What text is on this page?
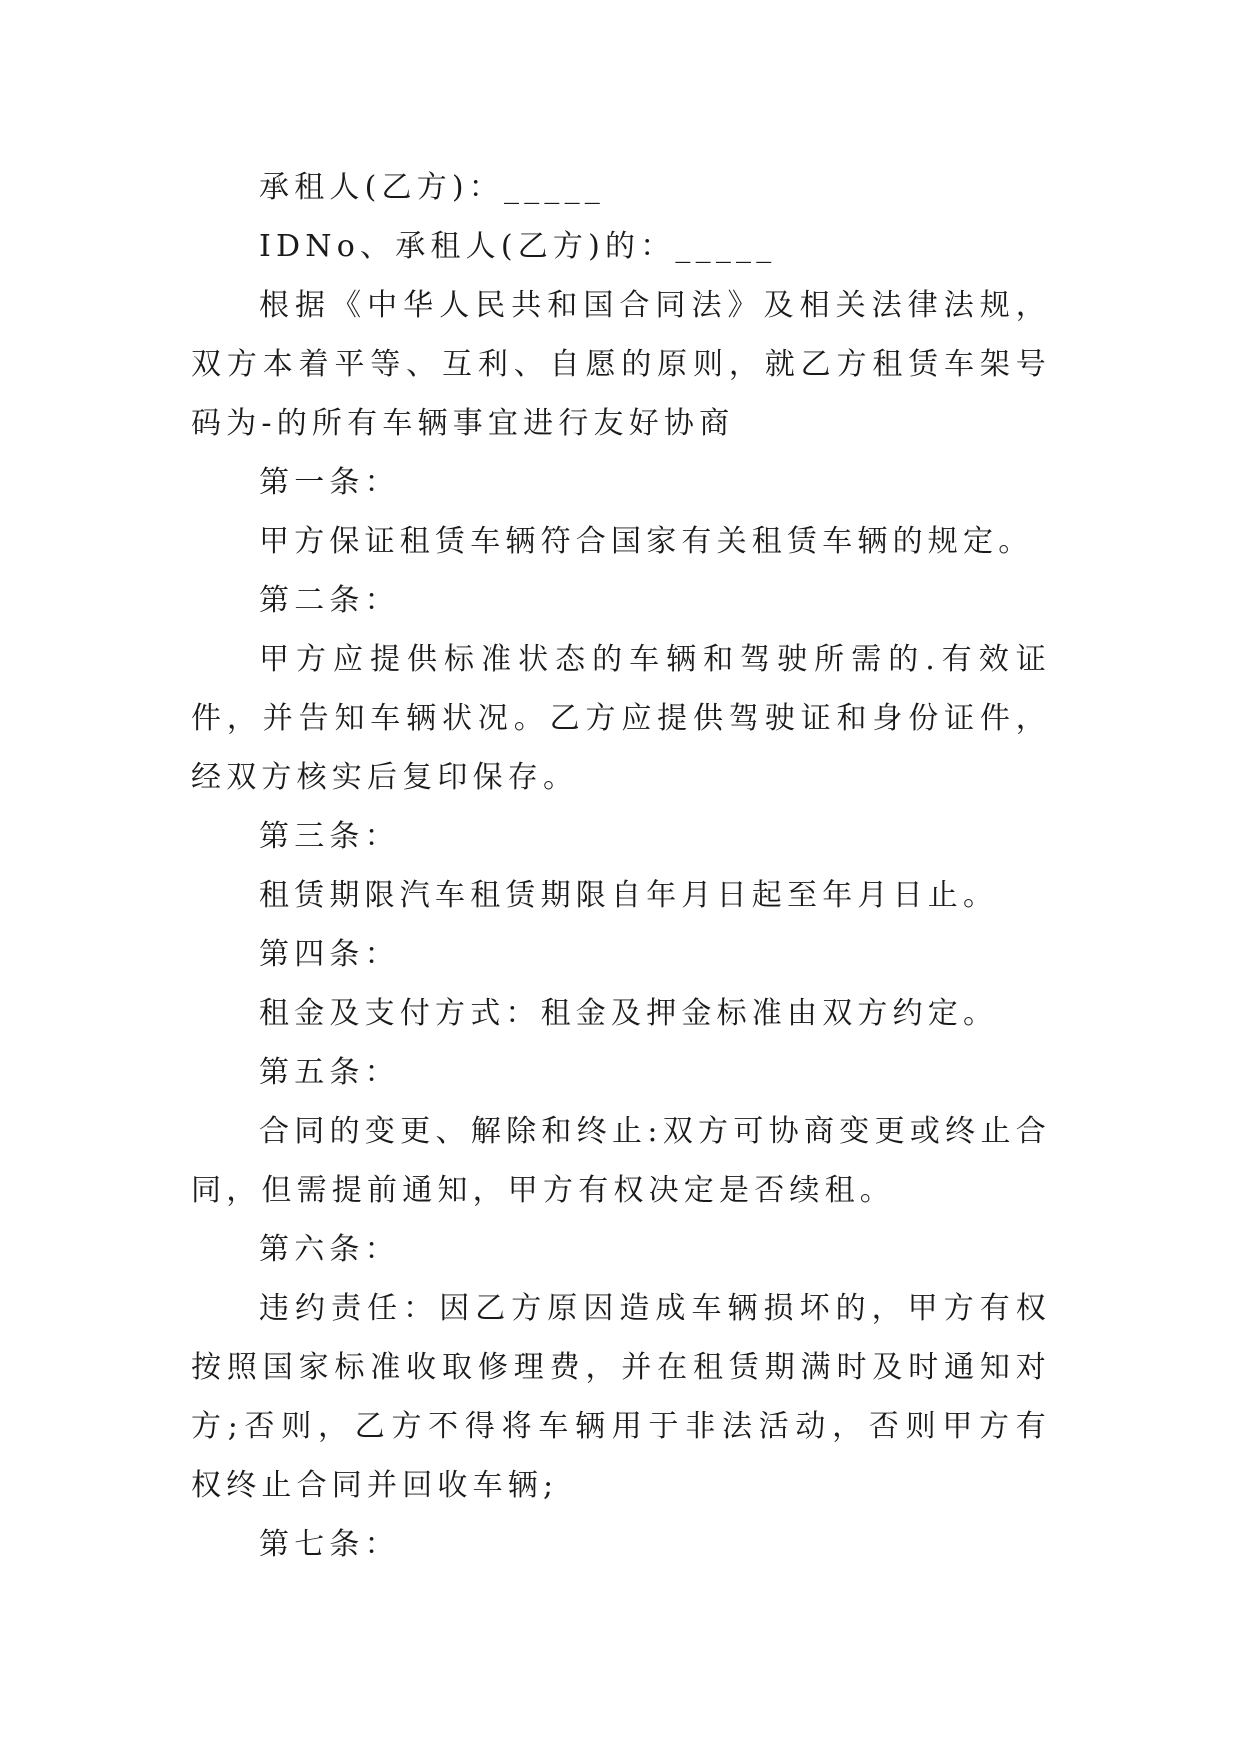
承租人(乙方)：_____

IDNo、承租人(乙方)的：_____

根据《中华人民共和国合同法》及相关法律法规，双方本着平等、互利、自愿的原则，就乙方租赁车架号码为-的所有车辆事宜进行友好协商

第一条：

甲方保证租赁车辆符合国家有关租赁车辆的规定。

第二条：

甲方应提供标准状态的车辆和驾驶所需的.有效证件，并告知车辆状况。乙方应提供驾驶证和身份证件，经双方核实后复印保存。

第三条：

租赁期限汽车租赁期限自年月日起至年月日止。

第四条：

租金及支付方式：租金及押金标准由双方约定。

第五条：

合同的变更、解除和终止:双方可协商变更或终止合同，但需提前通知，甲方有权决定是否续租。

第六条：

违约责任：因乙方原因造成车辆损坏的，甲方有权按照国家标准收取修理费，并在租赁期满时及时通知对方;否则，乙方不得将车辆用于非法活动，否则甲方有权终止合同并回收车辆;

第七条：
